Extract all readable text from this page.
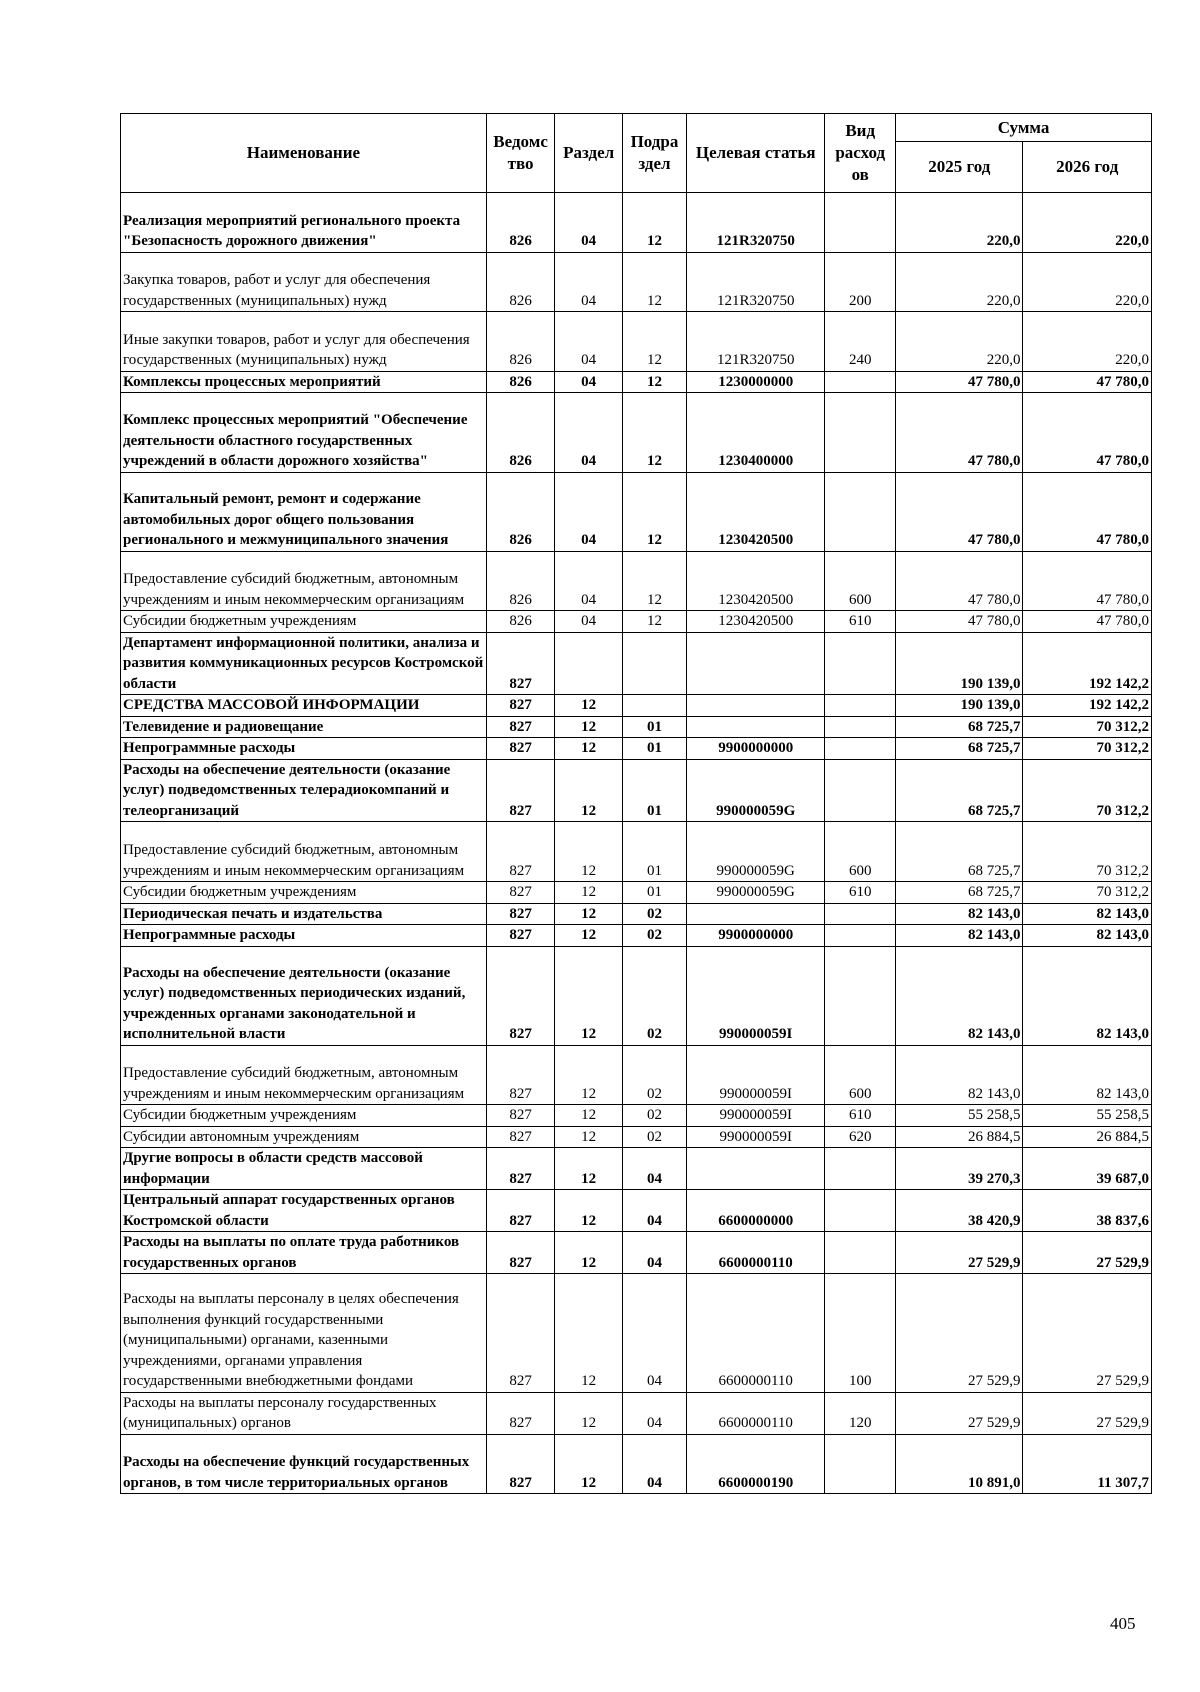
Наименование	Ведомс тво	Раздел	Подра здел	Целевая статья	Вид расход ов	Сумма	
						2025 год	2026 год
Реализация мероприятий регионального проекта "Безопасность дорожного движения"	826	04	12	121R320750		220,0	220,0
Закупка товаров, работ и услуг для обеспечения государственных (муниципальных) нужд	826	04	12	121R320750	200	220,0	220,0
Иные закупки товаров, работ и услуг для обеспечения государственных (муниципальных) нужд	826	04	12	121R320750	240	220,0	220,0
Комплексы процессных мероприятий	826	04	12	1230000000		47 780,0	47 780,0
Комплекс процессных мероприятий "Обеспечение деятельности областного государственных учреждений в области дорожного хозяйства"	826	04	12	1230400000		47 780,0	47 780,0
Капитальный ремонт, ремонт и содержание автомобильных дорог общего пользования регионального и межмуниципального значения	826	04	12	1230420500		47 780,0	47 780,0
Предоставление субсидий бюджетным, автономным учреждениям и иным некоммерческим организациям	826	04	12	1230420500	600	47 780,0	47 780,0
Субсидии бюджетным учреждениям	826	04	12	1230420500	610	47 780,0	47 780,0
Департамент информационной политики, анализа и развития коммуникационных ресурсов Костромской области	827					190 139,0	192 142,2
СРЕДСТВА МАССОВОЙ ИНФОРМАЦИИ	827	12				190 139,0	192 142,2
Телевидение и радиовещание	827	12	01			68 725,7	70 312,2
Непрограммные расходы	827	12	01	9900000000		68 725,7	70 312,2
Расходы на обеспечение деятельности (оказание услуг) подведомственных телерадиокомпаний и телеорганизаций	827	12	01	990000059G		68 725,7	70 312,2
Предоставление субсидий бюджетным, автономным учреждениям и иным некоммерческим организациям	827	12	01	990000059G	600	68 725,7	70 312,2
Субсидии бюджетным учреждениям	827	12	01	990000059G	610	68 725,7	70 312,2
Периодическая печать и издательства	827	12	02			82 143,0	82 143,0
Непрограммные расходы	827	12	02	9900000000		82 143,0	82 143,0
Расходы на обеспечение деятельности (оказание услуг) подведомственных периодических изданий, учрежденных органами законодательной и исполнительной власти	827	12	02	990000059I		82 143,0	82 143,0
Предоставление субсидий бюджетным, автономным учреждениям и иным некоммерческим организациям	827	12	02	990000059I	600	82 143,0	82 143,0
Субсидии бюджетным учреждениям	827	12	02	990000059I	610	55 258,5	55 258,5
Субсидии автономным учреждениям	827	12	02	990000059I	620	26 884,5	26 884,5
Другие вопросы в области средств массовой информации	827	12	04			39 270,3	39 687,0
Центральный аппарат государственных органов Костромской области	827	12	04	6600000000		38 420,9	38 837,6
Расходы на выплаты по оплате труда работников государственных органов	827	12	04	6600000110		27 529,9	27 529,9
Расходы на выплаты персоналу в целях обеспечения выполнения функций государственными (муниципальными) органами, казенными учреждениями, органами управления государственными внебюджетными фондами	827	12	04	6600000110	100	27 529,9	27 529,9
Расходы на выплаты персоналу государственных (муниципальных) органов	827	12	04	6600000110	120	27 529,9	27 529,9
Расходы на обеспечение функций государственных органов, в том числе территориальных органов	827	12	04	6600000190		10 891,0	11 307,7
405
